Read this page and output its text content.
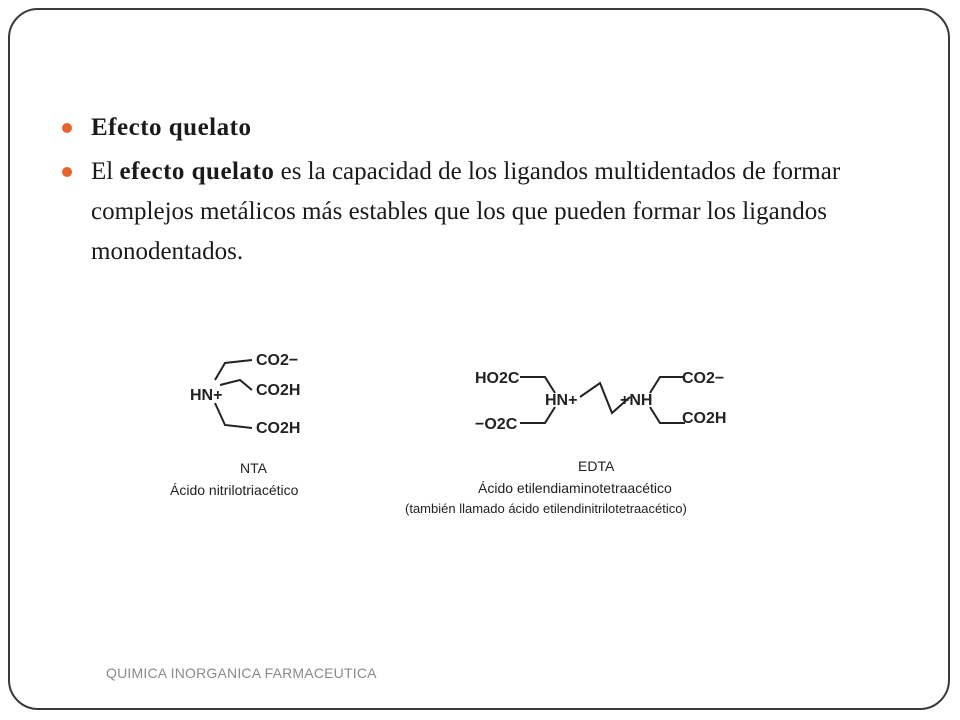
Efecto quelato
El efecto quelato es la capacidad de los ligandos multidentados de formar complejos metálicos más estables que los que pueden formar los ligandos monodentados.
HN+
CO2−
CO2H
CO2H
NTA
Ácido nitrilotriacético
HO2C
−O2C
HN+	+NH
CO2−
CO2H
EDTA
Ácido etilendiaminotetraacético
(también llamado ácido etilendinitrilotetraacético)
QUIMICA INORGANICA FARMACEUTICA
